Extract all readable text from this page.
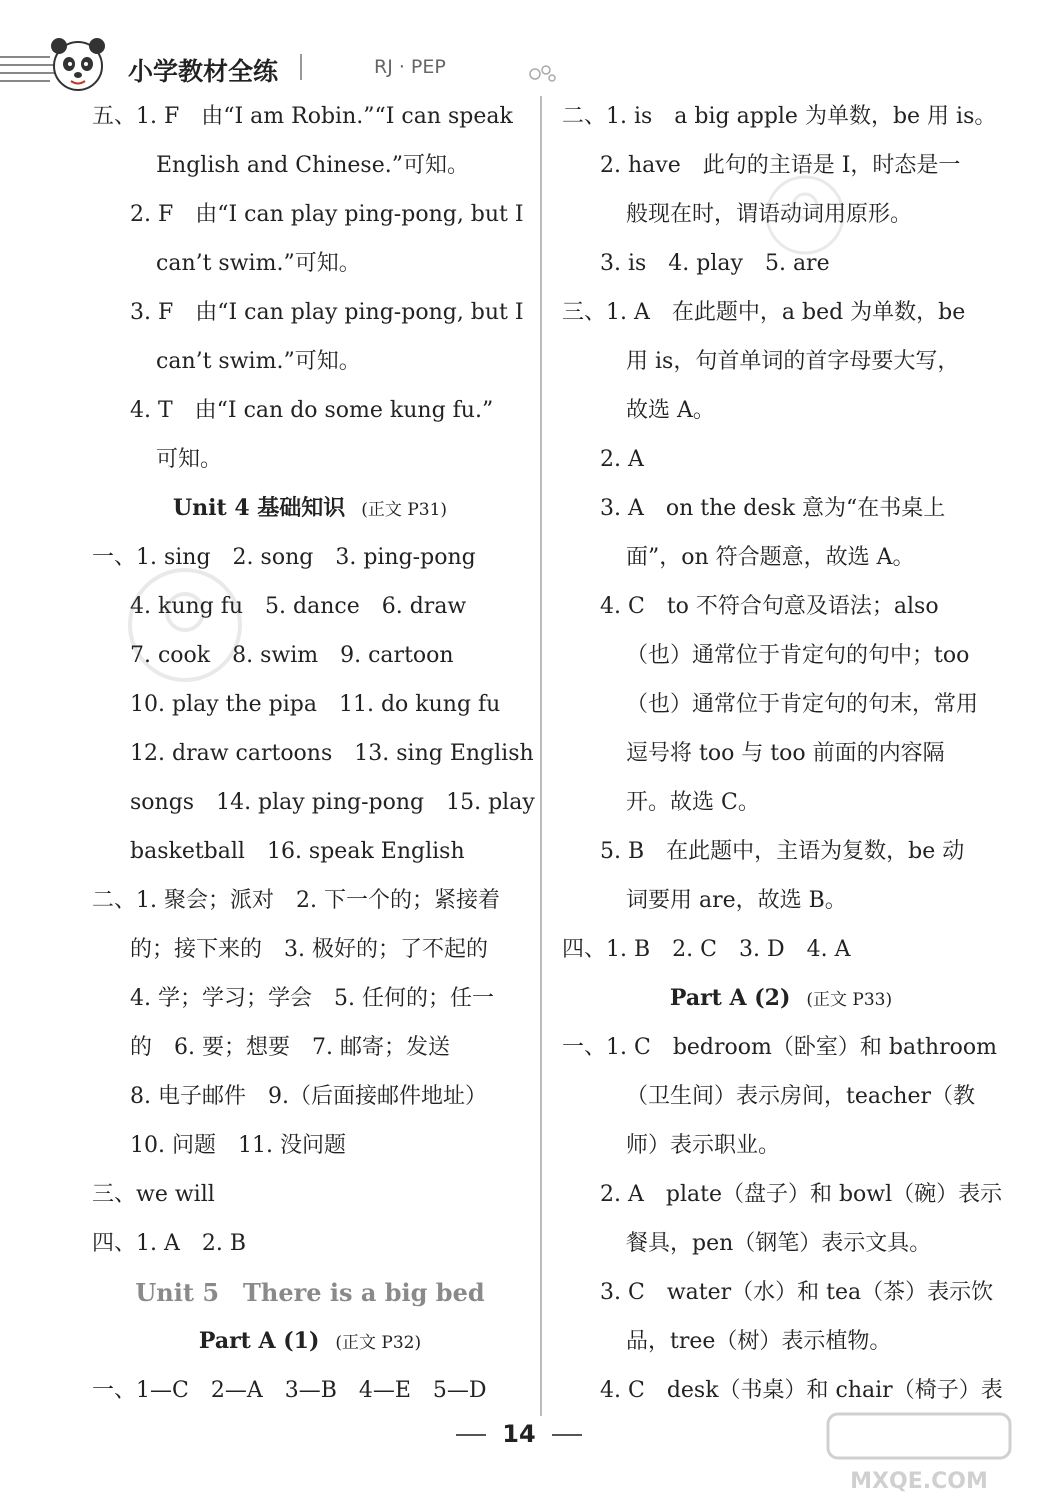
小学教材全练	RJ · PEP
五、1. F　由“I am Robin.”“I can speak
English and Chinese.”可知。
2. F　由“I can play ping-pong, but I
can’t swim.”可知。
3. F　由“I can play ping-pong, but I
can’t swim.”可知。
4. T　由“I can do some kung fu.”
可知。
Unit 4 基础知识 (正文 P31)
一、1. sing　2. song　3. ping-pong
4. kung fu　5. dance　6. draw
7. cook　8. swim　9. cartoon
10. play the pipa　11. do kung fu
12. draw cartoons　13. sing English
songs　14. play ping-pong　15. play
basketball　16. speak English
二、1. 聚会；派对　2. 下一个的；紧接着
的；接下来的　3. 极好的；了不起的
4. 学；学习；学会　5. 任何的；任一
的　6. 要；想要　7. 邮寄；发送
8. 电子邮件　9.（后面接邮件地址）
10. 问题　11. 没问题
三、we will
四、1. A　2. B
Unit 5　There is a big bed
Part A (1) (正文 P32)
一、1—C　2—A　3—B　4—E　5—D
二、1. is　a big apple 为单数，be 用 is。
2. have　此句的主语是 I，时态是一
般现在时，谓语动词用原形。
3. is　4. play　5. are
三、1. A　在此题中，a bed 为单数，be
用 is，句首单词的首字母要大写，
故选 A。
2. A
3. A　on the desk 意为“在书桌上
面”，on 符合题意，故选 A。
4. C　to 不符合句意及语法；also
（也）通常位于肯定句的句中；too
（也）通常位于肯定句的句末，常用
逗号将 too 与 too 前面的内容隔
开。故选 C。
5. B　在此题中，主语为复数，be 动
词要用 are，故选 B。
四、1. B　2. C　3. D　4. A
Part A (2) (正文 P33)
一、1. C　bedroom（卧室）和 bathroom
（卫生间）表示房间，teacher（教
师）表示职业。
2. A　plate（盘子）和 bowl（碗）表示
餐具，pen（钢笔）表示文具。
3. C　water（水）和 tea（茶）表示饮
品，tree（树）表示植物。
4. C　desk（书桌）和 chair（椅子）表
14
MXQE.COM
